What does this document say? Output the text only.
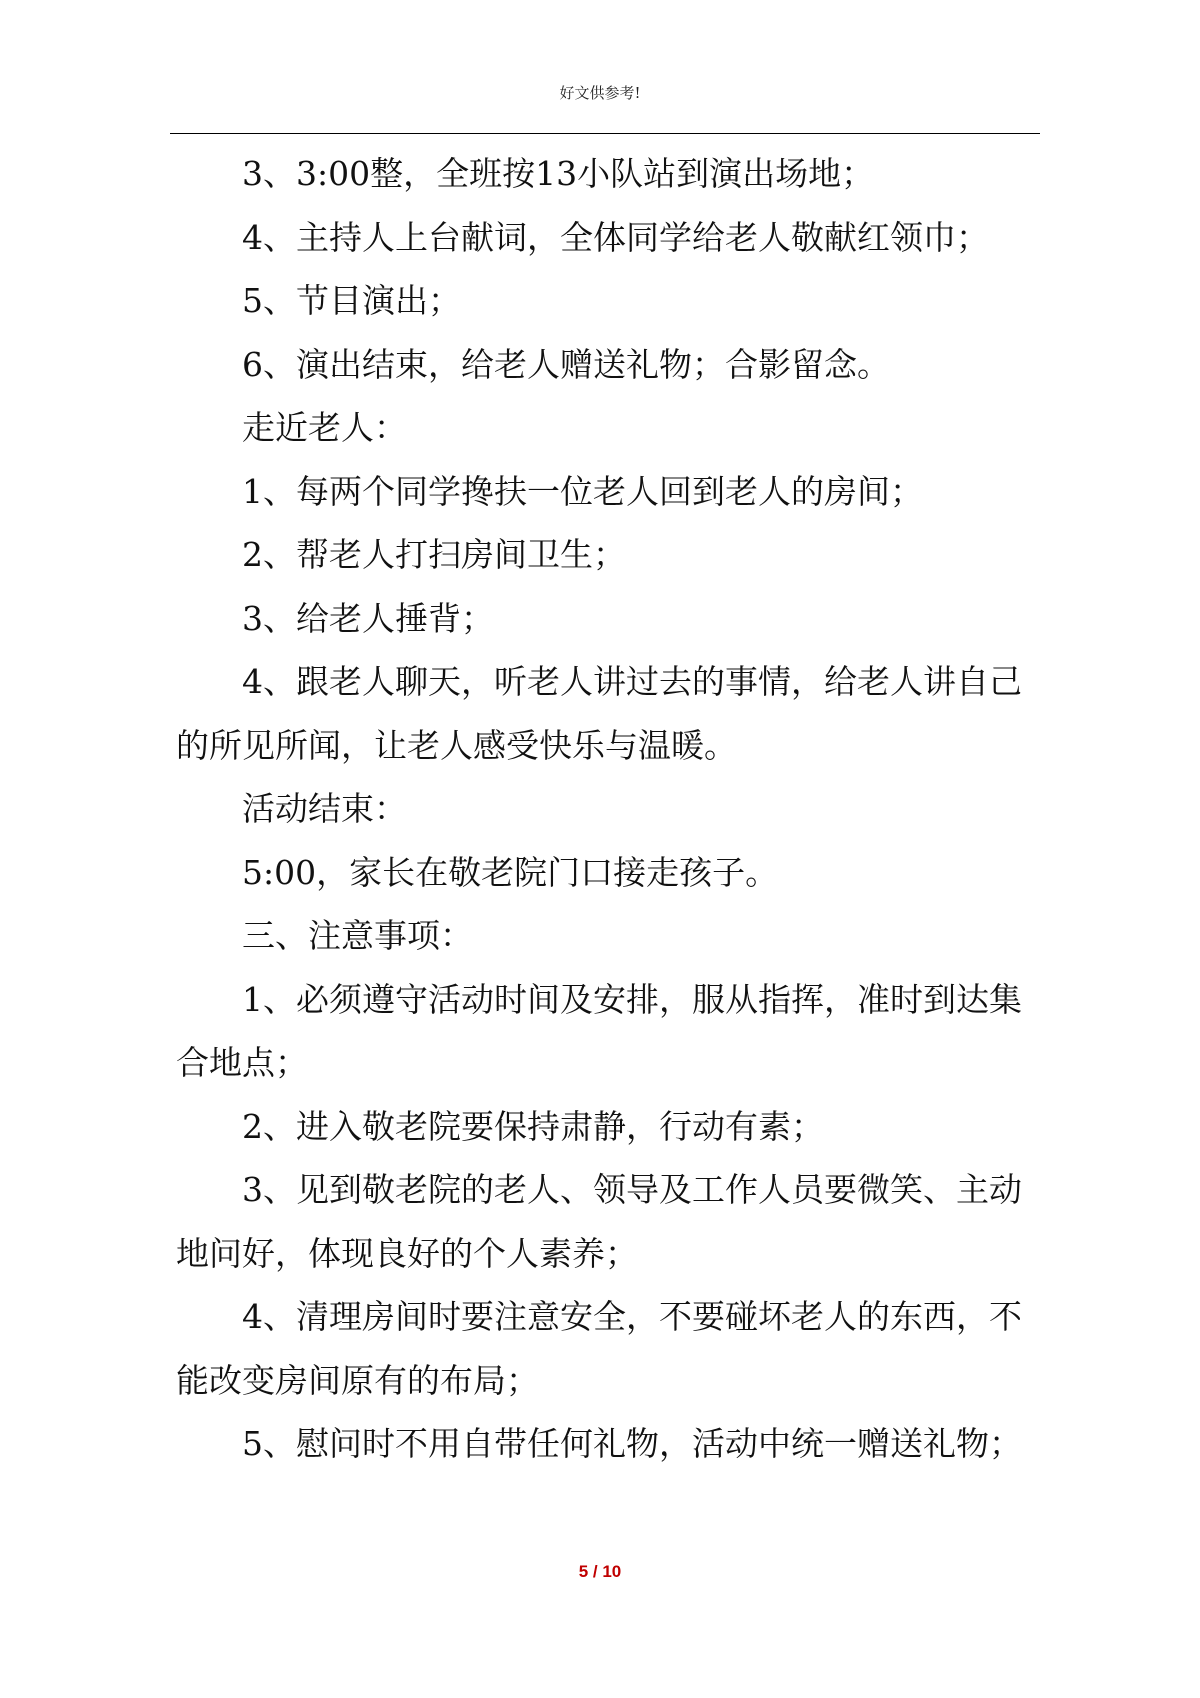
好文供参考!

3、3:00整，全班按13小队站到演出场地；

4、主持人上台献词，全体同学给老人敬献红领巾；

5、节目演出；

6、演出结束，给老人赠送礼物；合影留念。

走近老人：

1、每两个同学搀扶一位老人回到老人的房间；

2、帮老人打扫房间卫生；

3、给老人捶背；

4、跟老人聊天，听老人讲过去的事情，给老人讲自己的所见所闻，让老人感受快乐与温暖。

活动结束：

5:00，家长在敬老院门口接走孩子。

三、注意事项：

1、必须遵守活动时间及安排，服从指挥，准时到达集合地点；

2、进入敬老院要保持肃静，行动有素；

3、见到敬老院的老人、领导及工作人员要微笑、主动地问好，体现良好的个人素养；

4、清理房间时要注意安全，不要碰坏老人的东西，不能改变房间原有的布局；

5、慰问时不用自带任何礼物，活动中统一赠送礼物；

5 / 10
